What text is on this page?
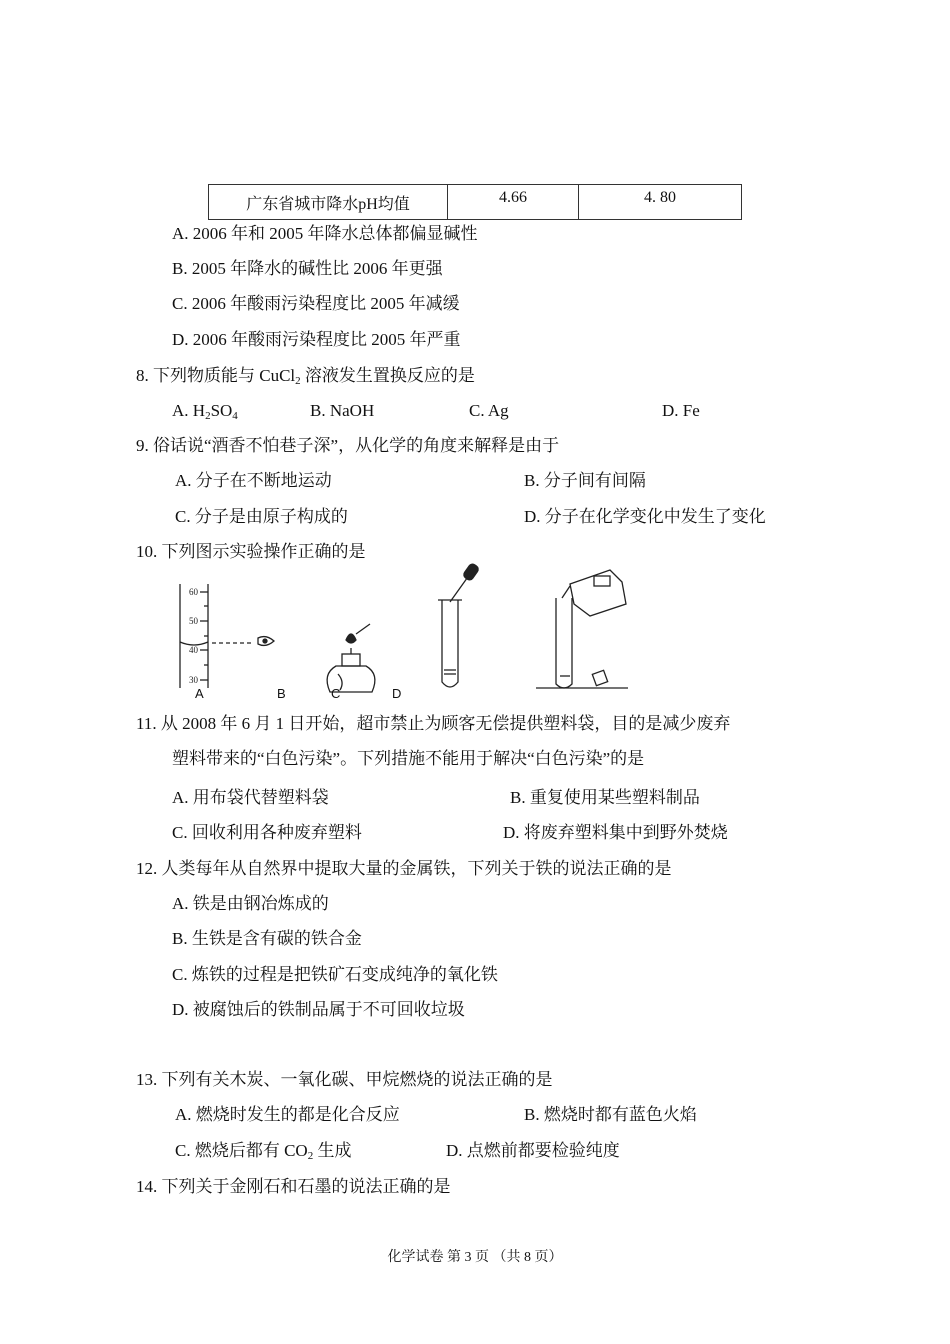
广东省城市降水pH均值	4.66	4. 80
A. 2006 年和 2005 年降水总体都偏显碱性
B. 2005 年降水的碱性比 2006 年更强
C. 2006 年酸雨污染程度比 2005 年减缓
D. 2006 年酸雨污染程度比 2005 年严重
8. 下列物质能与 CuCl$_2$ 溶液发生置换反应的是
A. $H_2SO_4$	B. NaOH	C. Ag	D. Fe
9. 俗话说“酒香不怕巷子深”，从化学的角度来解释是由于
A. 分子在不断地运动	B. 分子间有间隔
C. 分子是由原子构成的	D. 分子在化学变化中发生了变化
10. 下列图示实验操作正确的是
60
50
40
30
A	B	C	D
11. 从 2008 年 6 月 1 日开始，超市禁止为顾客无偿提供塑料袋，目的是减少废弃
塑料带来的“白色污染”。下列措施不能用于解决“白色污染”的是
A. 用布袋代替塑料袋	B. 重复使用某些塑料制品
C. 回收利用各种废弃塑料	D. 将废弃塑料集中到野外焚烧
12. 人类每年从自然界中提取大量的金属铁，下列关于铁的说法正确的是
A. 铁是由钢冶炼成的
B. 生铁是含有碳的铁合金
C. 炼铁的过程是把铁矿石变成纯净的氧化铁
D. 被腐蚀后的铁制品属于不可回收垃圾
13. 下列有关木炭、一氧化碳、甲烷燃烧的说法正确的是
A. 燃烧时发生的都是化合反应	B. 燃烧时都有蓝色火焰
C. 燃烧后都有 $CO_2$ 生成	D. 点燃前都要检验纯度
14. 下列关于金刚石和石墨的说法正确的是
化学试卷 第 3 页 （共 8 页）
